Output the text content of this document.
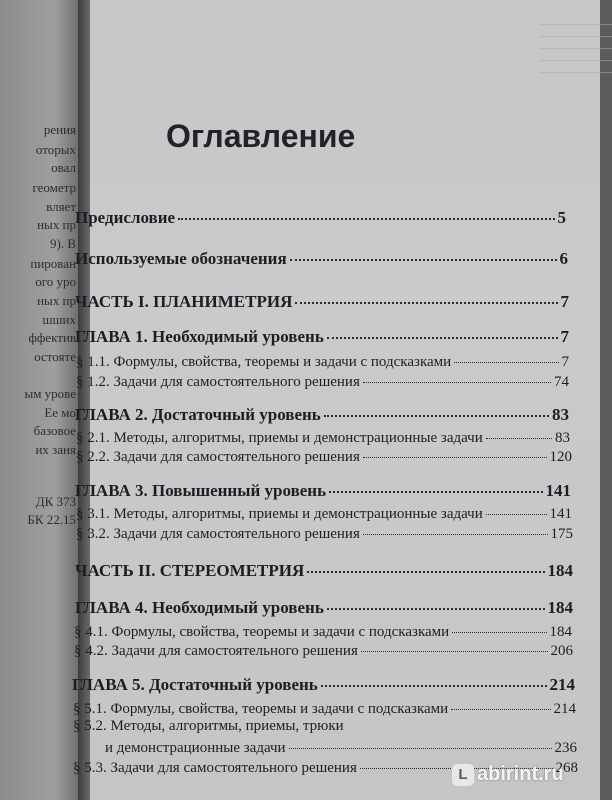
рения
оторых
овал
геометр
вляет
ных пр
9). В
пирован
ого уро
ных пр
шших
ффектив
остояте
ым урове
Ее мо
базовое
их заня
ДК 373
БК 22.15
————————
————————
————————
————————
————————
Оглавление
Предисловие	5
Используемые обозначения	6
ЧАСТЬ I. ПЛАНИМЕТРИЯ	7
ГЛАВА 1. Необходимый уровень	7
§ 1.1. Формулы, свойства, теоремы и задачи с подсказками	7
§ 1.2. Задачи для самостоятельного решения	74
ГЛАВА 2. Достаточный уровень	83
§ 2.1. Методы, алгоритмы, приемы и демонстрационные задачи	83
§ 2.2. Задачи для самостоятельного решения	120
ГЛАВА 3. Повышенный уровень	141
§ 3.1. Методы, алгоритмы, приемы и демонстрационные задачи	141
§ 3.2. Задачи для самостоятельного решения	175
ЧАСТЬ II. СТЕРЕОМЕТРИЯ	184
ГЛАВА 4. Необходимый уровень	184
§ 4.1. Формулы, свойства, теоремы и задачи с подсказками	184
§ 4.2. Задачи для самостоятельного решения	206
ГЛАВА 5. Достаточный уровень	214
§ 5.1. Формулы, свойства, теоремы и задачи с подсказками	214
§ 5.2. Методы, алгоритмы, приемы, трюки
и демонстрационные задачи	236
§ 5.3. Задачи для самостоятельного решения	268
L abirint.ru
